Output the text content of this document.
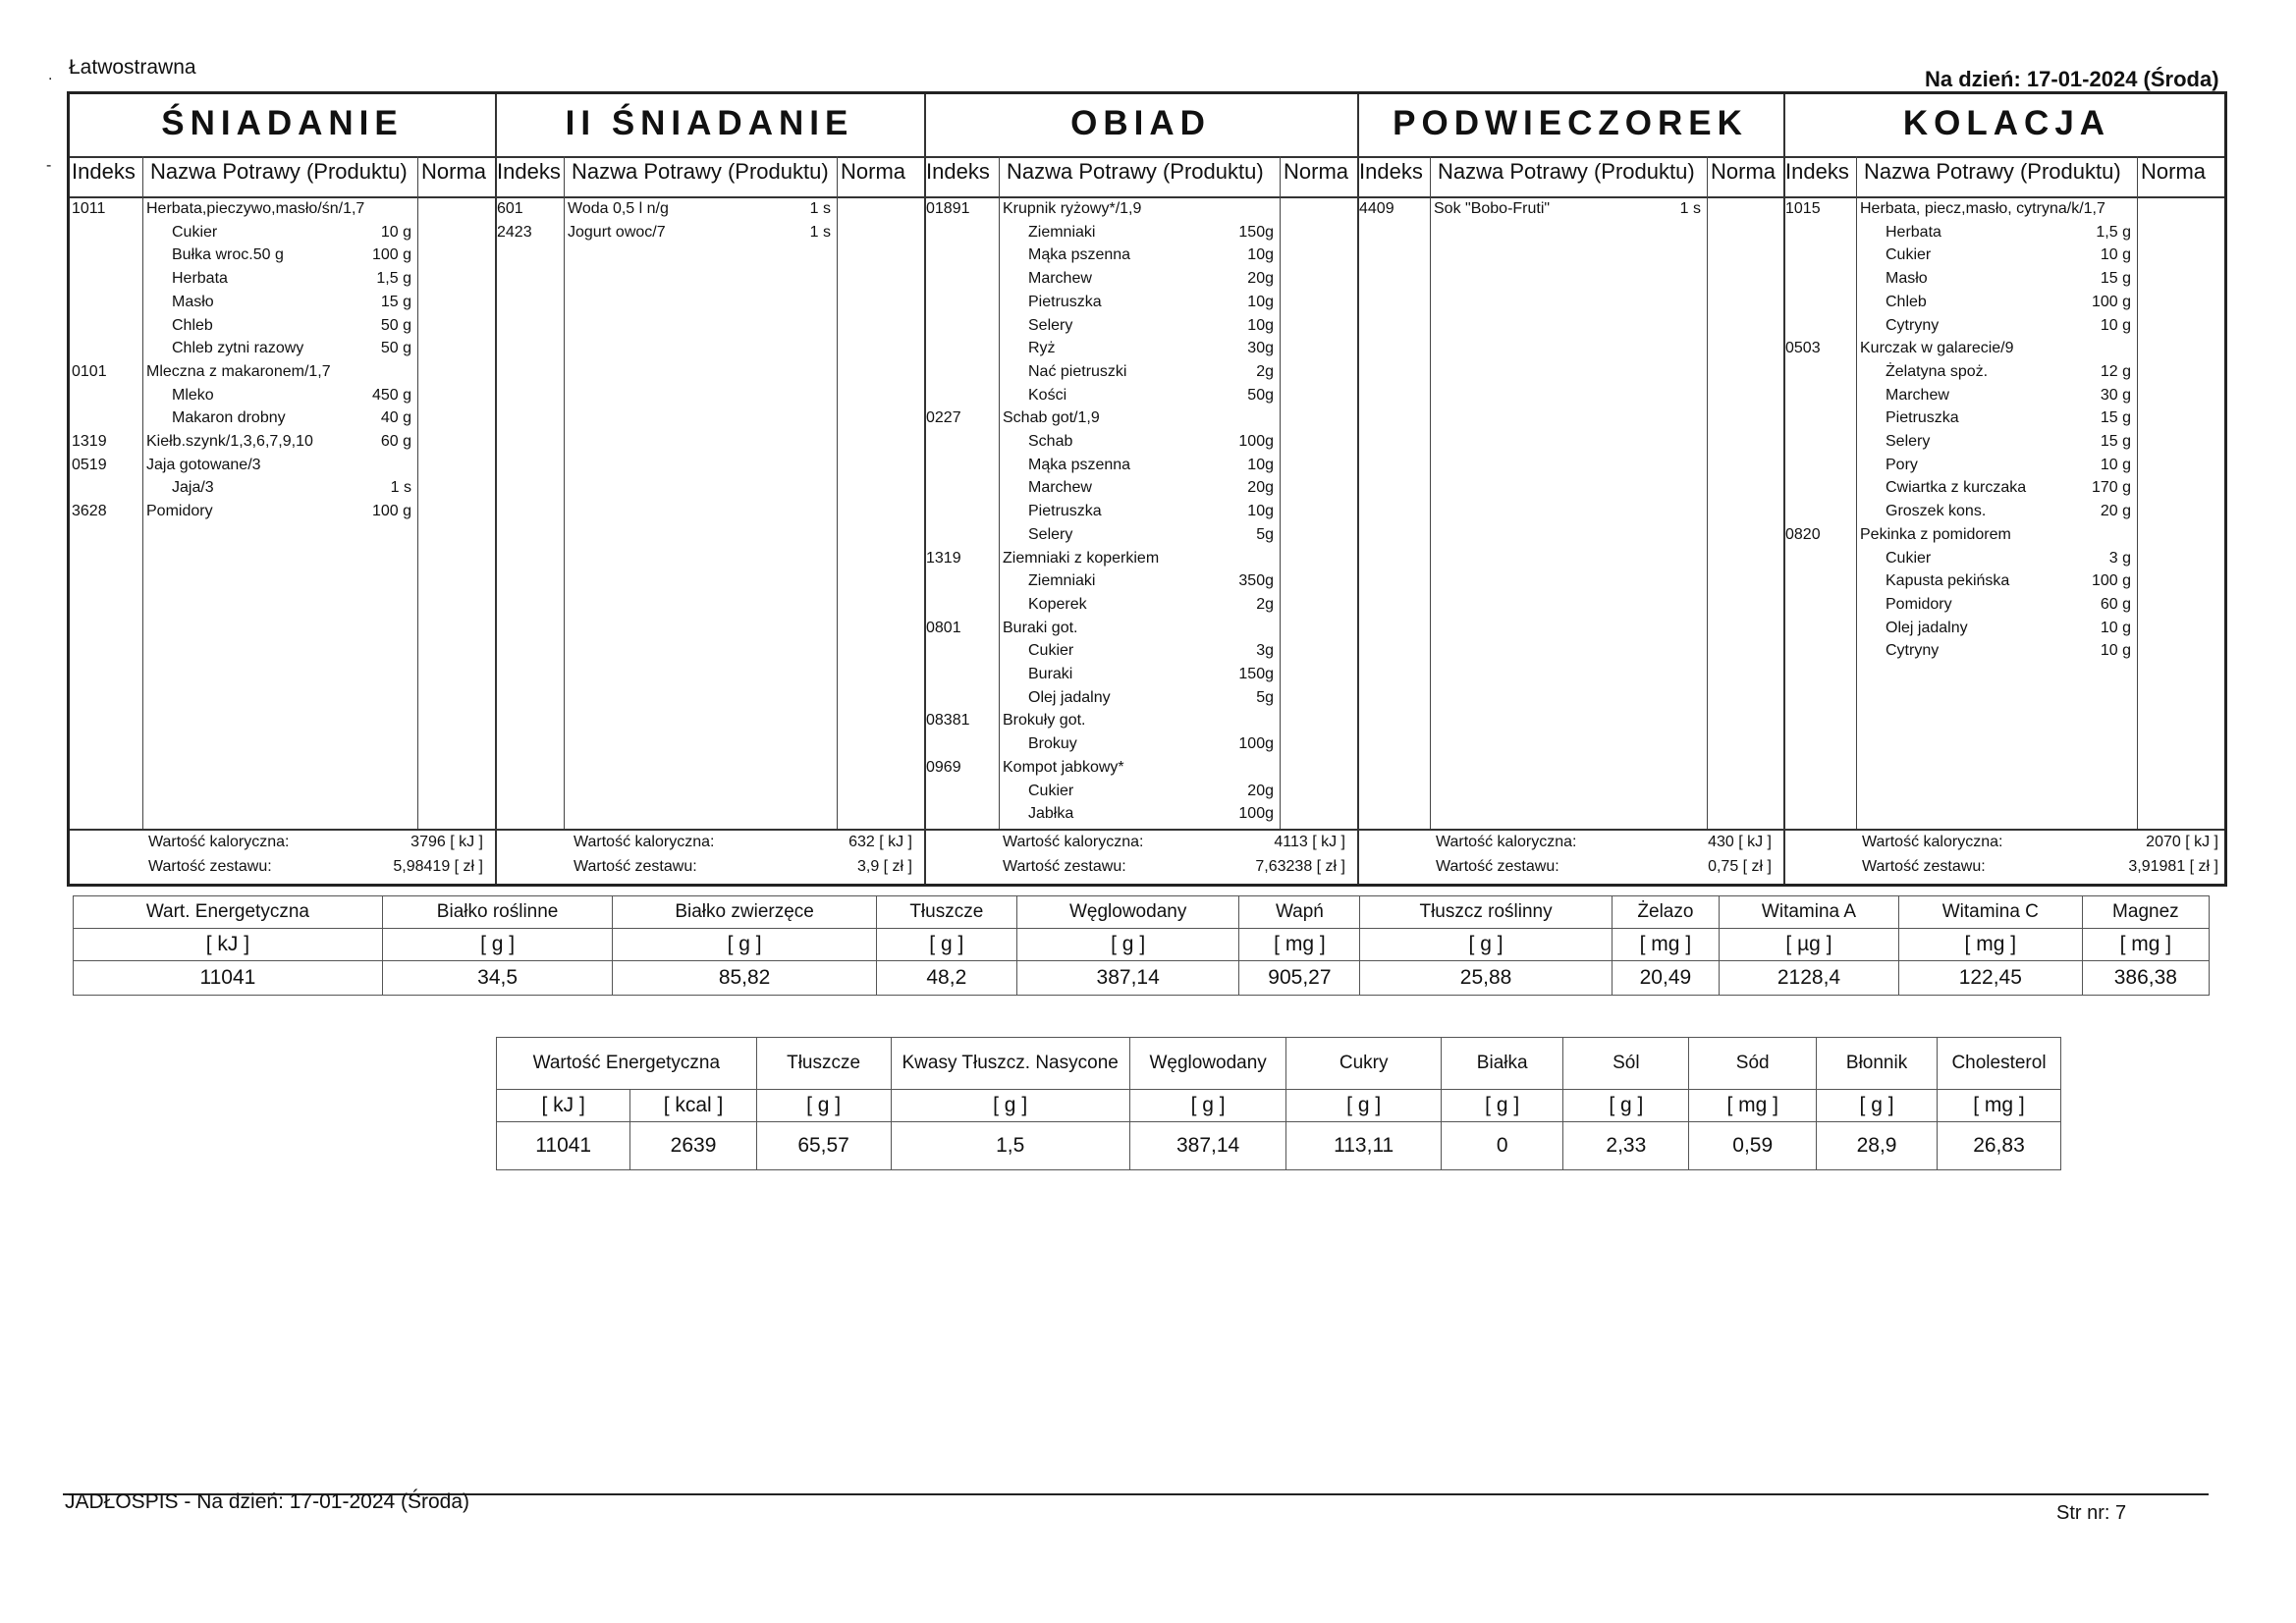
.
-
Łatwostrawna	Na dzień: 17-01-2024 (Środa)
ŚNIADANIE
Indeks Nazwa Potrawy (Produktu) Norma
1011	Herbata,pieczywo,masło/śn/1,7
Cukier	10 g
Bułka wroc.50 g	100 g
Herbata	1,5 g
Masło	15 g
Chleb	50 g
Chleb zytni razowy	50 g
0101	Mleczna z makaronem/1,7
Mleko	450 g
Makaron drobny	40 g
1319	Kiełb.szynk/1,3,6,7,9,10	60 g
0519	Jaja gotowane/3
Jaja/3	1 s
3628	Pomidory	100 g
Wartość kaloryczna:	3796 [ kJ ]
Wartość zestawu:	5,98419 [ zł ]
II ŚNIADANIE
Indeks Nazwa Potrawy (Produktu) Norma
601	Woda 0,5 l n/g	1 s
2423 Jogurt owoc/7	1 s
Wartość kaloryczna:	632 [ kJ ]
Wartość zestawu:	3,9 [ zł ]
OBIAD
Indeks Nazwa Potrawy (Produktu) Norma
01891 Krupnik ryżowy*/1,9
Ziemniaki	150g
Mąka pszenna	10g
Marchew	20g
Pietruszka	10g
Selery	10g
Ryż	30g
Nać pietruszki	2g
Kości	50g
0227	Schab got/1,9
Schab	100g
Mąka pszenna	10g
Marchew	20g
Pietruszka	10g
Selery	5g
1319	Ziemniaki z koperkiem
Ziemniaki	350g
Koperek	2g
0801	Buraki got.
Cukier	3g
Buraki	150g
Olej jadalny	5g
08381 Brokuły got.
Brokuy	100g
0969	Kompot jabkowy*
Cukier	20g
Jabłka	100g
Wartość kaloryczna:	4113 [ kJ ]
Wartość zestawu:	7,63238 [ zł ]
PODWIECZOREK
Indeks Nazwa Potrawy (Produktu) Norma
4409	Sok "Bobo-Fruti"	1 s
Wartość kaloryczna:	430 [ kJ ]
Wartość zestawu:	0,75 [ zł ]
KOLACJA
Indeks Nazwa Potrawy (Produktu) Norma
1015	Herbata, piecz,masło, cytryna/k/1,7
Herbata	1,5 g
Cukier	10 g
Masło	15 g
Chleb	100 g
Cytryny	10 g
0503	Kurczak w galarecie/9
Żelatyna spoż.	12 g
Marchew	30 g
Pietruszka	15 g
Selery	15 g
Pory	10 g
Cwiartka z kurczaka	170 g
Groszek kons.	20 g
0820	Pekinka z pomidorem
Cukier	3 g
Kapusta pekińska	100 g
Pomidory	60 g
Olej jadalny	10 g
Cytryny	10 g
Wartość kaloryczna:	2070 [ kJ ]
Wartość zestawu:	3,91981 [ zł ]
Wart. Energetyczna	Białko roślinne	Białko zwierzęce	Tłuszcze	Węglowodany	Wapń	Tłuszcz roślinny	Żelazo	Witamina A	Witamina C	Magnez
[ kJ ]	[ g ]	[ g ]	[ g ]	[ g ]	[ mg ]	[ g ]	[ mg ]	[ µg ]	[ mg ]	[ mg ]
11041	34,5	85,82	48,2	387,14	905,27	25,88	20,49	2128,4	122,45	386,38
Wartość Energetyczna		Tłuszcze	Kwasy Tłuszcz. Nasycone	Węglowodany	Cukry	Białka	Sól	Sód	Błonnik	Cholesterol
[ kJ ]	[ kcal ]	[ g ]	[ g ]	[ g ]	[ g ]	[ g ]	[ g ]	[ mg ]	[ g ]	[ mg ]
11041	2639	65,57	1,5	387,14	113,11	0	2,33	0,59	28,9	26,83
JADŁOSPIS - Na dzień: 17-01-2024 (Środa)	Str nr: 7
